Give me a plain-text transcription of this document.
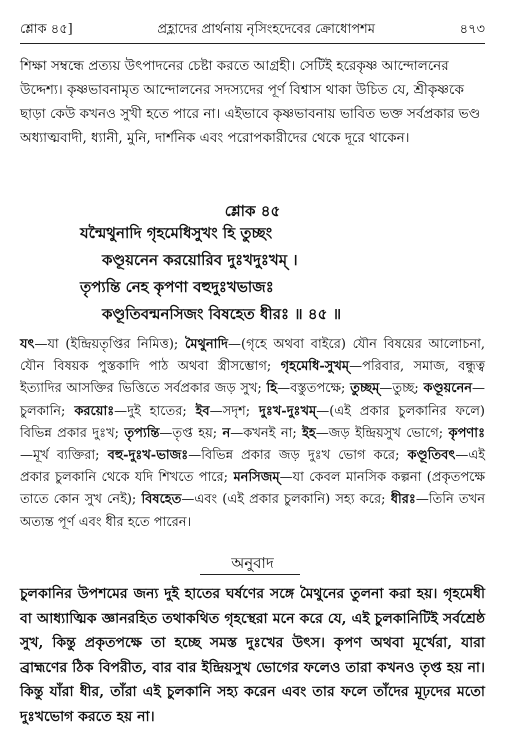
শ্লোক ৪৫]	প্রহ্লাদের প্রার্থনায় নৃসিংহদেবের ক্রোধোপশম	৪৭৩

শিক্ষা সম্বন্ধে প্রত্যয় উৎপাদনের চেষ্টা করতে আগ্রহী। সেটিই হরেকৃষ্ণ আন্দোলনের উদ্দেশ্য। কৃষ্ণভাবনামৃত আন্দোলনের সদস্যদের পূর্ণ বিশ্বাস থাকা উচিত যে, শ্রীকৃষ্ণকে ছাড়া কেউ কখনও সুখী হতে পারে না। এইভাবে কৃষ্ণভাবনায় ভাবিত ভক্ত সর্বপ্রকার ভণ্ড অধ্যাত্মবাদী, ধ্যানী, মুনি, দার্শনিক এবং পরোপকারীদের থেকে দূরে থাকেন।

শ্লোক ৪৫

যন্মৈথুনাদি গৃহমেধিসুখং হি তুচ্ছং

কণ্ডূয়নেন করয়োরিব দুঃখদুঃখম্ ।

তৃপ্যন্তি নেহ কৃপণা বহুদুঃখভাজঃ

কণ্ডূতিবন্মনসিজং বিষহেত ধীরঃ ॥ ৪৫ ॥

যৎ—যা (ইন্দ্রিয়তৃপ্তির নিমিত্ত); মৈথুনাদি—(গৃহে অথবা বাইরে) যৌন বিষয়ের আলোচনা, যৌন বিষয়ক পুস্তকাদি পাঠ অথবা স্ত্রীসম্ভোগ; গৃহমেধি-সুখম্—পরিবার, সমাজ, বন্ধুত্ব ইত্যাদির আসক্তির ভিত্তিতে সর্বপ্রকার জড় সুখ; হি—বস্তুতপক্ষে; তুচ্ছম্—তুচ্ছ; কণ্ডূয়নেন—চুলকানি; করয়োঃ—দুই হাতের; ইব—সদৃশ; দুঃখ-দুঃখম্—(এই প্রকার চুলকানির ফলে) বিভিন্ন প্রকার দুঃখ; তৃপ্যন্তি—তৃপ্ত হয়; ন—কখনই না; ইহ—জড় ইন্দ্রিয়সুখ ভোগে; কৃপণাঃ—মূর্খ ব্যক্তিরা; বহু-দুঃখ-ভাজঃ—বিভিন্ন প্রকার জড় দুঃখ ভোগ করে; কণ্ডূতিবৎ—এই প্রকার চুলকানি থেকে যদি শিখতে পারে; মনসিজম্—যা কেবল মানসিক কল্পনা (প্রকৃতপক্ষে তাতে কোন সুখ নেই); বিষহেত—এবং (এই প্রকার চুলকানি) সহ্য করে; ধীরঃ—তিনি তখন অত্যন্ত পূর্ণ এবং ধীর হতে পারেন।
অনুবাদ
চুলকানির উপশমের জন্য দুই হাতের ঘর্ষণের সঙ্গে মৈথুনের তুলনা করা হয়। গৃহমেধী বা আধ্যাত্মিক জ্ঞানরহিত তথাকথিত গৃহস্থেরা মনে করে যে, এই চুলকানিটিই সর্বশ্রেষ্ঠ সুখ, কিন্তু প্রকৃতপক্ষে তা হচ্ছে সমস্ত দুঃখের উৎস। কৃপণ অথবা মূর্খেরা, যারা ব্রাহ্মণের ঠিক বিপরীত, বার বার ইন্দ্রিয়সুখ ভোগের ফলেও তারা কখনও তৃপ্ত হয় না। কিন্তু যাঁরা ধীর, তাঁরা এই চুলকানি সহ্য করেন এবং তার ফলে তাঁদের মূঢ়দের মতো দুঃখভোগ করতে হয় না।
